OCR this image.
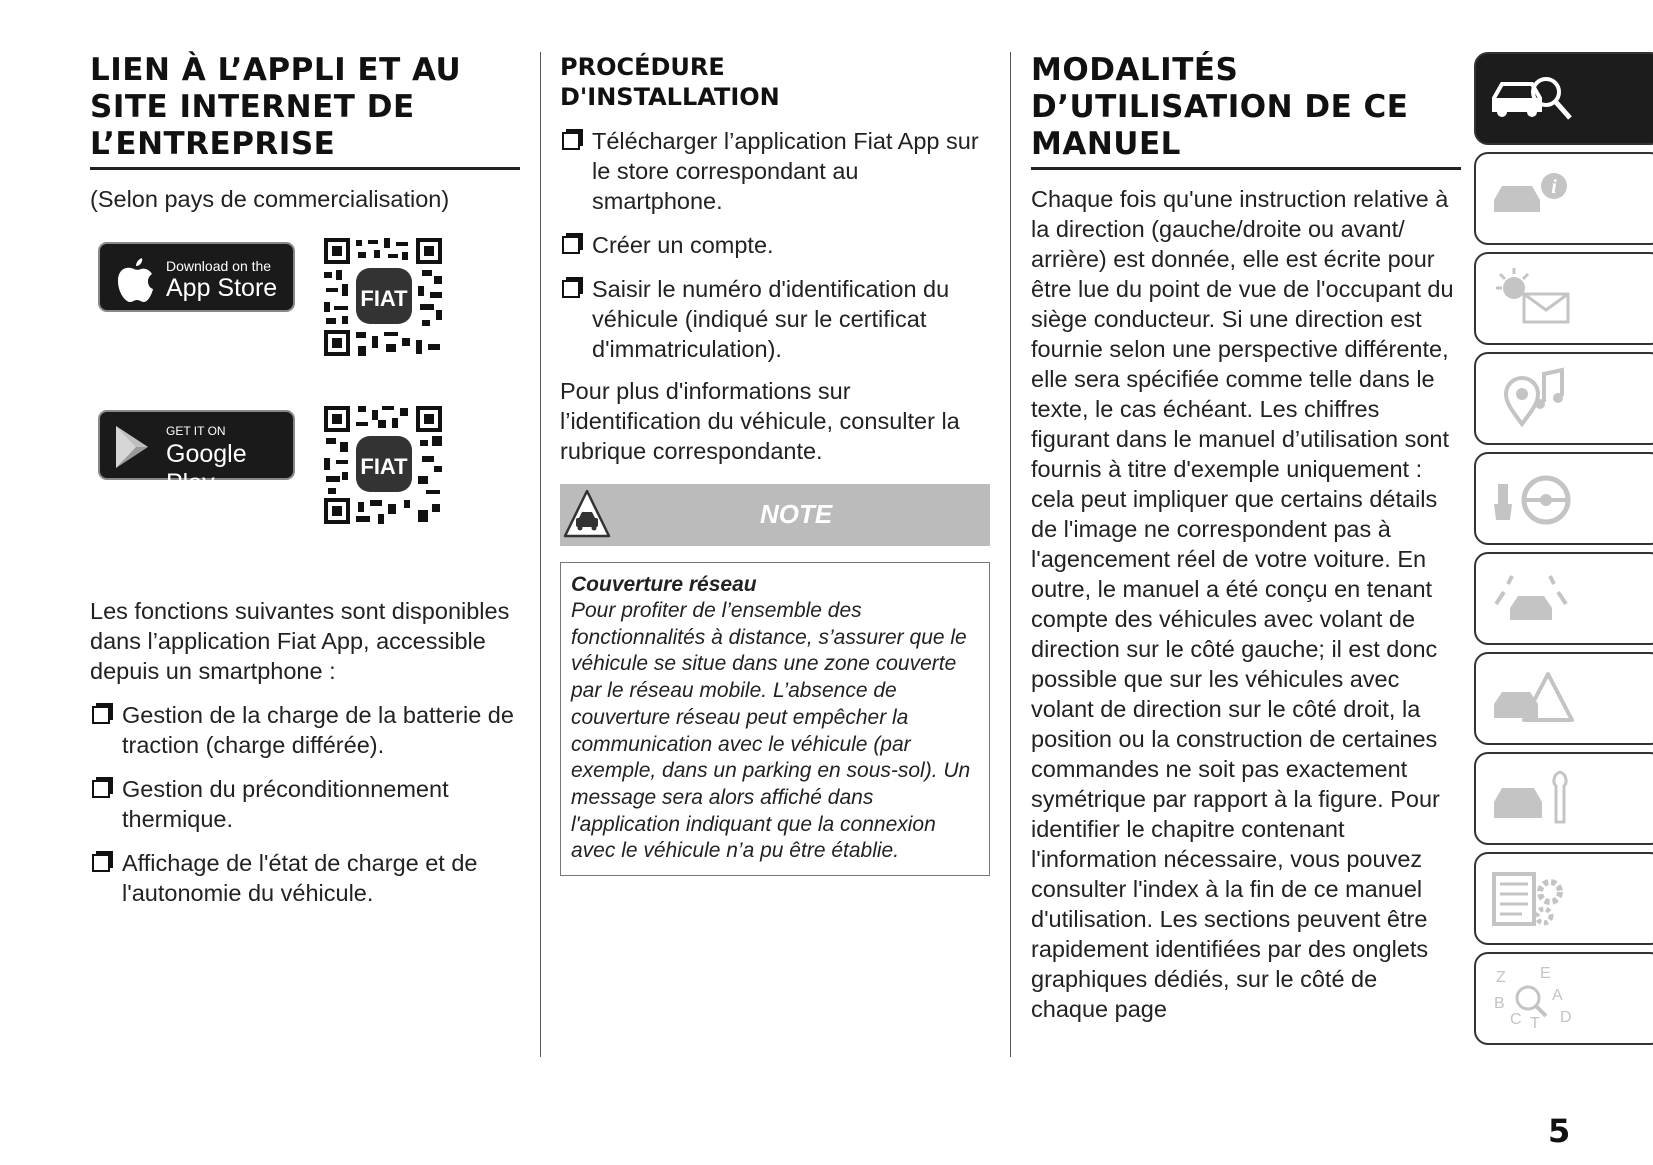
LIEN À L’APPLI ET AU SITE INTERNET DE L’ENTREPRISE

(Selon pays de commercialisation)

Download on the
App Store	FIAT
GET IT ON
Google Play
FIAT

Les fonctions suivantes sont disponibles dans l’application Fiat App, accessible depuis un smartphone :

Gestion de la charge de la batterie de traction (charge différée).
Gestion du préconditionnement thermique.
Affichage de l'état de charge et de l'autonomie du véhicule.
PROCÉDURE D'INSTALLATION
Télécharger l’application Fiat App sur le store correspondant au smartphone.
Créer un compte.
Saisir le numéro d'identification du véhicule (indiqué sur le certificat d'immatriculation).

Pour plus d'informations sur l’identification du véhicule, consulter la rubrique correspondante.

NOTE
Couverture réseau
Pour profiter de l’ensemble des fonctionnalités à distance, s’assurer que le véhicule se situe dans une zone couverte par le réseau mobile. L’absence de couverture réseau peut empêcher la communication avec le véhicule (par exemple, dans un parking en sous-sol). Un message sera alors affiché dans l'application indiquant que la connexion avec le véhicule n’a pu être établie.
MODALITÉS D’UTILISATION DE CE MANUEL

Chaque fois qu'une instruction relative à la direction (gauche/droite ou avant/ arrière) est donnée, elle est écrite pour être lue du point de vue de l'occupant du siège conducteur. Si une direction est fournie selon une perspective différente, elle sera spécifiée comme telle dans le texte, le cas échéant. Les chiffres figurant dans le manuel d’utilisation sont fournis à titre d'exemple uniquement : cela peut impliquer que certains détails de l'image ne correspondent pas à l'agencement réel de votre voiture. En outre, le manuel a été conçu en tenant compte des véhicules avec volant de direction sur le côté gauche; il est donc possible que sur les véhicules avec volant de direction sur le côté droit, la position ou la construction de certaines commandes ne soit pas exactement symétrique par rapport à la figure. Pour identifier le chapitre contenant l'information nécessaire, vous pouvez consulter l'index à la fin de ce manuel d'utilisation. Les sections peuvent être rapidement identifiées par des onglets graphiques dédiés, sur le côté de chaque page

i
Z E
A
B
C T D
5
